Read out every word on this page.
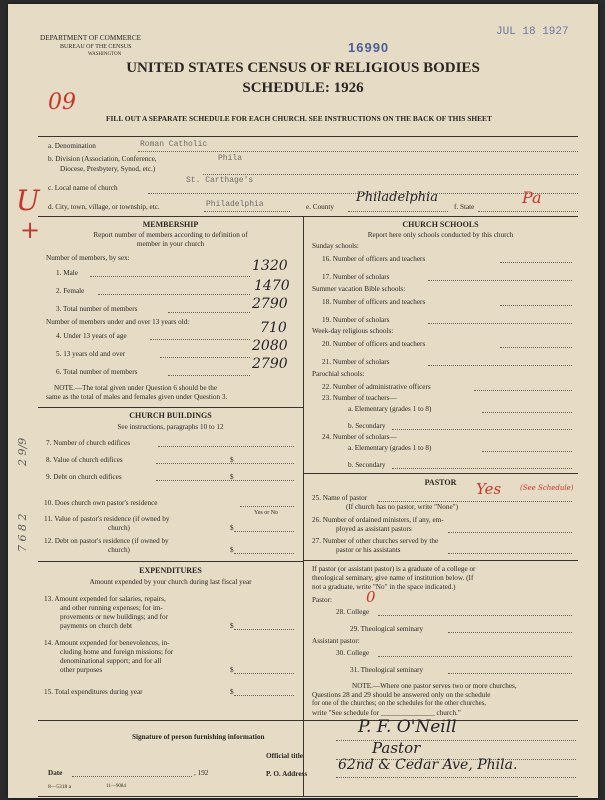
DEPARTMENT OF COMMERCE
BUREAU OF THE CENSUS
WASHINGTON	16990
JUL 18 1927
UNITED STATES CENSUS OF RELIGIOUS BODIES
SCHEDULE: 1926
09
FILL OUT A SEPARATE SCHEDULE FOR EACH CHURCH. SEE INSTRUCTIONS ON THE BACK OF THIS SHEET
a. Denomination	Roman Catholic
b. Division (Association, Conference,
Diocese, Presbytery, Synod, etc.)
Phila
c. Local name of church
St. Carthage's
U
+
d. City, town, village, or township, etc.	Philadelphia	e. County
Philadelphia
f. State	Pa
MEMBERSHIP
Report number of members according to definition of
member in your church
Number of members, by sex:
1. Male	1320
2. Female	1470
3. Total number of members	2790
Number of members under and over 13 years old:
4. Under 13 years of age	710
5. 13 years old and over	2080
6. Total number of members	2790
NOTE.—The total given under Question 6 should be the
same as the total of males and females given under Question 3.
CHURCH BUILDINGS
See instructions, paragraphs 10 to 12
7. Number of church edifices
8. Value of church edifices	$
9. Debt on church edifices	$
10. Does church own pastor's residence
11. Value of pastor's residence (if owned by
Yes or No
church)	$
12. Debt on pastor's residence (if owned by
church)	$
2 9/9
7 6 8 2
EXPENDITURES
Amount expended by your church during last fiscal year
13. Amount expended for salaries, repairs,
and other running expenses; for im-
provements or new buildings; and for
payments on church debt	$
14. Amount expended for benevolences, in-
cluding home and foreign missions; for
denominational support; and for all
other purposes	$
15. Total expenditures during year	$
CHURCH SCHOOLS
Report here only schools conducted by this church
Sunday schools:
16. Number of officers and teachers
17. Number of scholars
Summer vacation Bible schools:
18. Number of officers and teachers
19. Number of scholars
Week-day religious schools:
20. Number of officers and teachers
21. Number of scholars
Parochial schools:
22. Number of administrative officers
23. Number of teachers—
a. Elementary (grades 1 to 8)
b. Secondary
24. Number of scholars—
a. Elementary (grades 1 to 8)
b. Secondary
PASTOR
25. Name of pastor	Yes	(See Schedule)
(If church has no pastor, write "None")
26. Number of ordained ministers, if any, em-
ployed as assistant pastors
27. Number of other churches served by the
pastor or his assistants
If pastor (or assistant pastor) is a graduate of a college or
theological seminary, give name of institution below. (If
not a graduate, write "No" in the space indicated.)
Pastor:
28. College
0
29. Theological seminary
Assistant pastor:
30. College
31. Theological seminary
NOTE.—Where one pastor serves two or more churches,
Questions 28 and 29 should be answered only on the schedule
for one of the churches; on the schedules for the other churches,
write "See schedule for _______________ church."
Signature of person furnishing information	P. F. O'Neill
Official title	Pastor
Date	, 192	P. O. Address
62nd & Cedar Ave, Phila.
8—5318 a	11—9084
